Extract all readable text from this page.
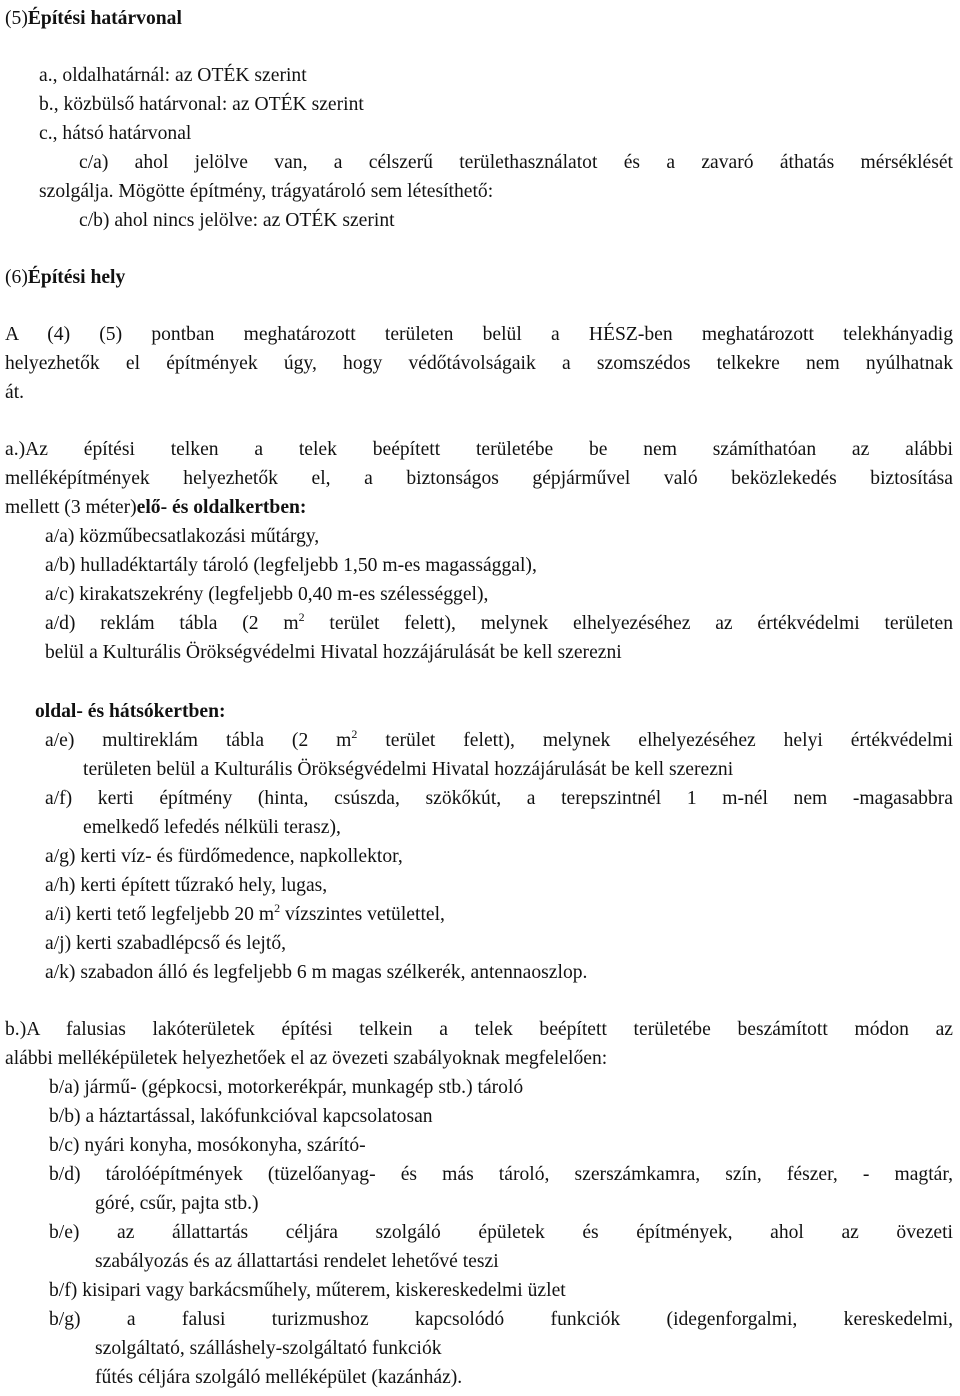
(5)Építési határvonal
a., oldalhatárnál: az OTÉK szerint
b., közbülső határvonal: az OTÉK szerint
c., hátsó határvonal
c/a) ahol jelölve van, a célszerű területhasználatot és a zavaró áthatás mérséklését
szolgálja. Mögötte építmény, trágyatároló sem létesíthető:
c/b) ahol nincs jelölve: az OTÉK szerint
(6)Építési hely
A (4) (5) pontban meghatározott területen belül a HÉSZ-ben meghatározott telekhányadig
helyezhetők el építmények úgy, hogy védőtávolságaik a szomszédos telkekre nem nyúlhatnak
át.
a.)Az építési telken a telek beépített területébe be nem számíthatóan az alábbi
melléképítmények helyezhetők el, a biztonságos gépjárművel való beközlekedés biztosítása
mellett (3 méter)elő- és oldalkertben:
a/a) közműbecsatlakozási műtárgy,
a/b) hulladéktartály tároló (legfeljebb 1,50 m-es magassággal),
a/c) kirakatszekrény (legfeljebb 0,40 m-es szélességgel),
a/d) reklám tábla (2 $m^2$ terület felett), melynek elhelyezéséhez az értékvédelmi területen
belül a Kulturális Örökségvédelmi Hivatal hozzájárulását be kell szerezni
oldal- és hátsókertben:
a/e) multireklám tábla (2 $m^2$ terület felett), melynek elhelyezéséhez helyi értékvédelmi
területen belül a Kulturális Örökségvédelmi Hivatal hozzájárulását be kell szerezni
a/f) kerti építmény (hinta, csúszda, szökőkút, a terepszintnél 1 m-nél nem -magasabbra
emelkedő lefedés nélküli terasz),
a/g) kerti víz- és fürdőmedence, napkollektor,
a/h) kerti épített tűzrakó hely, lugas,
a/i) kerti tető legfeljebb 20 $m^2$ vízszintes vetülettel,
a/j) kerti szabadlépcső és lejtő,
a/k) szabadon álló és legfeljebb 6 m magas szélkerék, antennaoszlop.
b.)A falusias lakóterületek építési telkein a telek beépített területébe beszámított módon az
alábbi melléképületek helyezhetőek el az övezeti szabályoknak megfelelően:
b/a) jármű- (gépkocsi, motorkerékpár, munkagép stb.) tároló
b/b) a háztartással, lakófunkcióval kapcsolatosan
b/c) nyári konyha, mosókonyha, szárító-
b/d) tárolóépítmények (tüzelőanyag- és más tároló, szerszámkamra, szín, fészer, - magtár,
góré, csűr, pajta stb.)
b/e) az állattartás céljára szolgáló épületek és építmények, ahol az övezeti
szabályozás és az állattartási rendelet lehetővé teszi
b/f) kisipari vagy barkácsműhely, műterem, kiskereskedelmi üzlet
b/g) a falusi turizmushoz kapcsolódó funkciók (idegenforgalmi, kereskedelmi,
szolgáltató, szálláshely-szolgáltató funkciók
fűtés céljára szolgáló melléképület (kazánház).
